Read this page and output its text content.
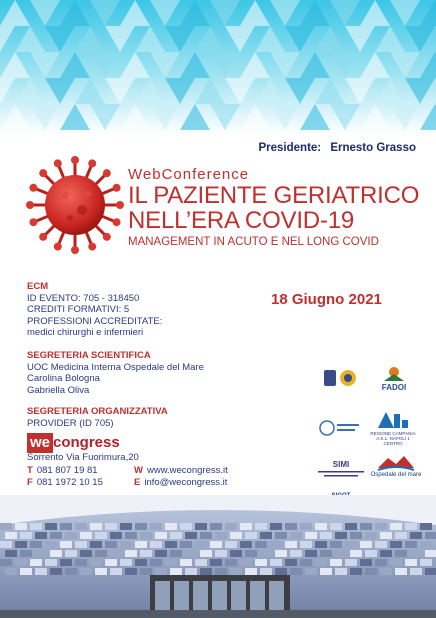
Presidente: Ernesto Grasso
WebConference
IL PAZIENTE GERIATRICO
NELL’ERA COVID-19
MANAGEMENT IN ACUTO E NEL LONG COVID
ECM
ID EVENTO: 705 - 318450
CREDITI FORMATIVI: 5
PROFESSIONI ACCREDITATE:
medici chirurghi e infermieri
18 Giugno 2021
SEGRETERIA SCIENTIFICA
UOC Medicina Interna Ospedale del Mare
Carolina Bologna
Gabriella Oliva
SEGRETERIA ORGANIZZATIVA
PROVIDER (ID 705)
we congress
Sorrento Via Fuorimura,20
T 081 807 19 81
F 081 1972 10 15
W www.wecongress.it
E info@wecongress.it
FADOI
REGIONE CAMPANIA A.S.L. NAPOLI 1 CENTRO
SIMI
Ospedale del mare
